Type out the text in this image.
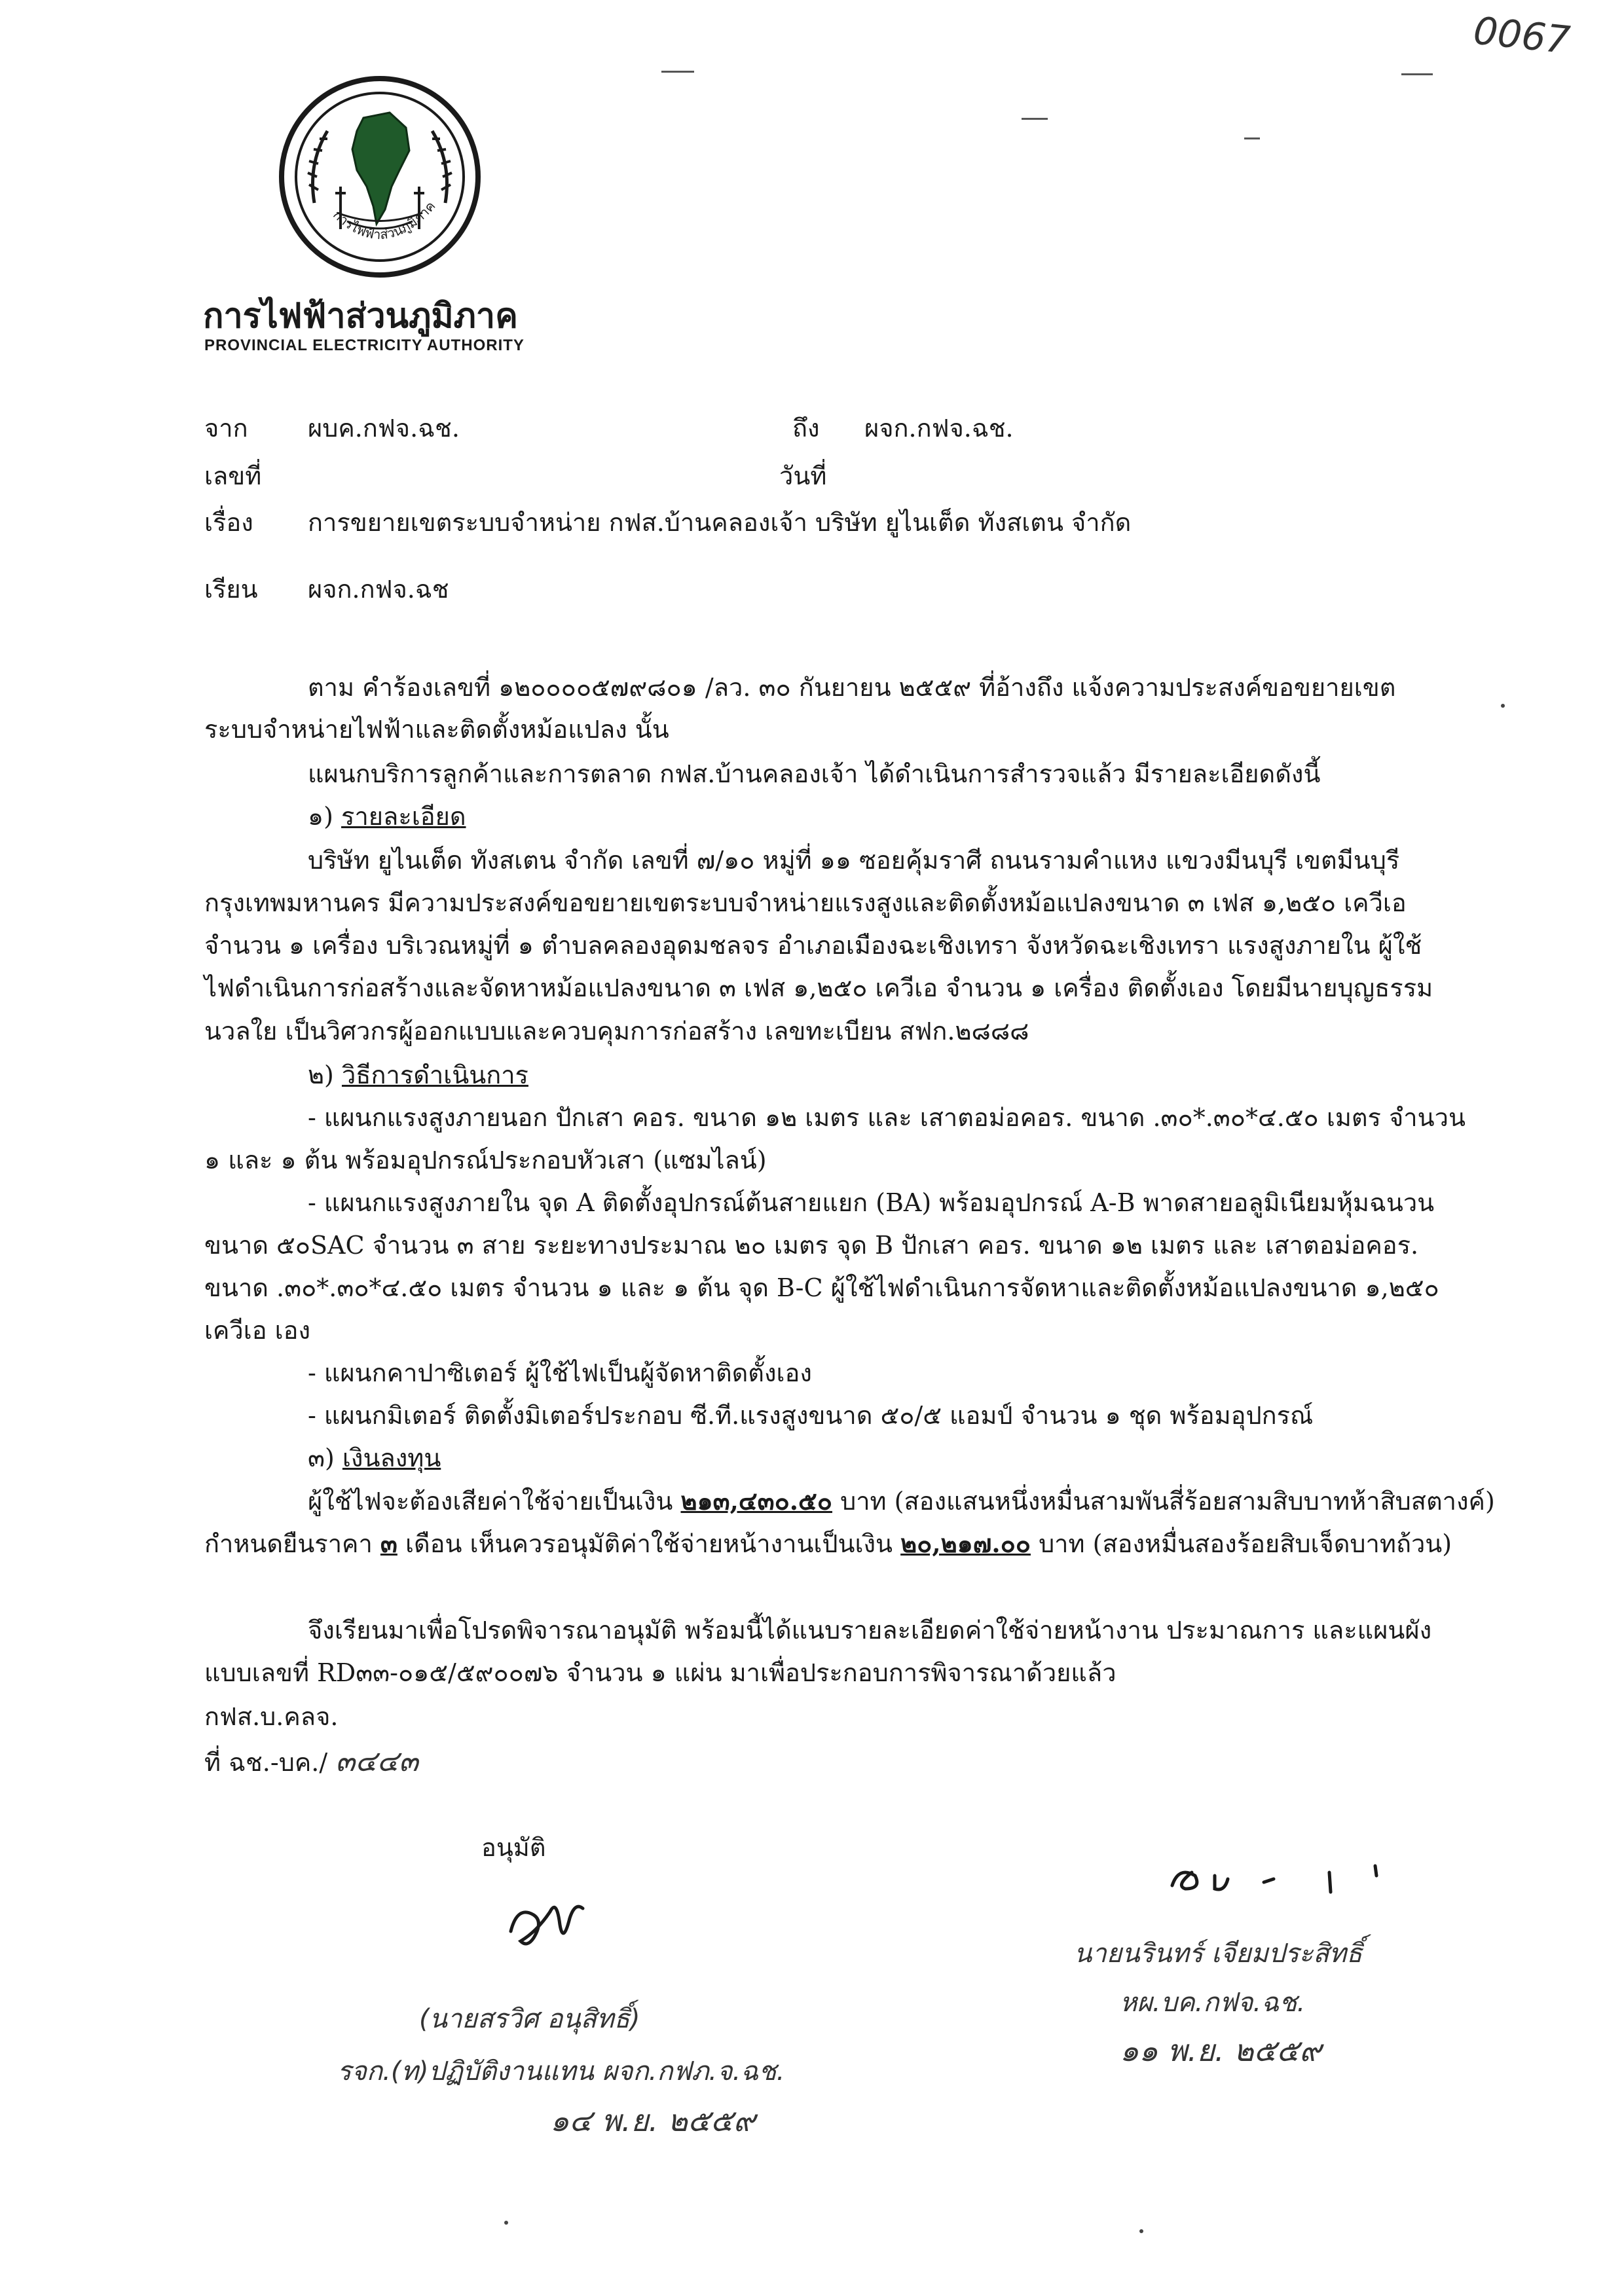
0067
การไฟฟ้าส่วนภูมิภาค
การไฟฟ้าส่วนภูมิภาค
PROVINCIAL ELECTRICITY AUTHORITY
จาก ผบค.กฟจ.ฉช.	ถึง ผจก.กฟจ.ฉช.
เลขที่	วันที่
เรื่อง การขยายเขตระบบจำหน่าย กฟส.บ้านคลองเจ้า บริษัท ยูไนเต็ด ทังสเตน จำกัด
เรียน ผจก.กฟจ.ฉช
ตาม คำร้องเลขที่ ๑๒๐๐๐๐๕๗๙๘๐๑ /ลว. ๓๐ กันยายน ๒๕๕๙ ที่อ้างถึง แจ้งความประสงค์ขอขยายเขต
ระบบจำหน่ายไฟฟ้าและติดตั้งหม้อแปลง นั้น
แผนกบริการลูกค้าและการตลาด กฟส.บ้านคลองเจ้า ได้ดำเนินการสำรวจแล้ว มีรายละเอียดดังนี้
๑) รายละเอียด
บริษัท ยูไนเต็ด ทังสเตน จำกัด เลขที่ ๗/๑๐ หมู่ที่ ๑๑ ซอยคุ้มราศี ถนนรามคำแหง แขวงมีนบุรี เขตมีนบุรี
กรุงเทพมหานคร มีความประสงค์ขอขยายเขตระบบจำหน่ายแรงสูงและติดตั้งหม้อแปลงขนาด ๓ เฟส ๑,๒๕๐ เควีเอ
จำนวน ๑ เครื่อง บริเวณหมู่ที่ ๑ ตำบลคลองอุดมชลจร อำเภอเมืองฉะเชิงเทรา จังหวัดฉะเชิงเทรา แรงสูงภายใน ผู้ใช้
ไฟดำเนินการก่อสร้างและจัดหาหม้อแปลงขนาด ๓ เฟส ๑,๒๕๐ เควีเอ จำนวน ๑ เครื่อง ติดตั้งเอง โดยมีนายบุญธรรม
นวลใย เป็นวิศวกรผู้ออกแบบและควบคุมการก่อสร้าง เลขทะเบียน สฟก.๒๘๘๘
๒) วิธีการดำเนินการ
- แผนกแรงสูงภายนอก ปักเสา คอร. ขนาด ๑๒ เมตร และ เสาตอม่อคอร. ขนาด .๓๐*.๓๐*๔.๕๐ เมตร จำนวน
๑ และ ๑ ต้น พร้อมอุปกรณ์ประกอบหัวเสา (แซมไลน์)
- แผนกแรงสูงภายใน จุด A ติดตั้งอุปกรณ์ต้นสายแยก (BA) พร้อมอุปกรณ์ A-B พาดสายอลูมิเนียมหุ้มฉนวน
ขนาด ๕๐SAC จำนวน ๓ สาย ระยะทางประมาณ ๒๐ เมตร จุด B ปักเสา คอร. ขนาด ๑๒ เมตร และ เสาตอม่อคอร.
ขนาด .๓๐*.๓๐*๔.๕๐ เมตร จำนวน ๑ และ ๑ ต้น จุด B-C ผู้ใช้ไฟดำเนินการจัดหาและติดตั้งหม้อแปลงขนาด ๑,๒๕๐
เควีเอ เอง
- แผนกคาปาซิเตอร์ ผู้ใช้ไฟเป็นผู้จัดหาติดตั้งเอง
- แผนกมิเตอร์ ติดตั้งมิเตอร์ประกอบ ซี.ที.แรงสูงขนาด ๕๐/๕ แอมป์ จำนวน ๑ ชุด พร้อมอุปกรณ์
๓) เงินลงทุน
ผู้ใช้ไฟจะต้องเสียค่าใช้จ่ายเป็นเงิน ๒๑๓,๔๓๐.๕๐ บาท (สองแสนหนึ่งหมื่นสามพันสี่ร้อยสามสิบบาทห้าสิบสตางค์)
กำหนดยืนราคา ๓ เดือน เห็นควรอนุมัติค่าใช้จ่ายหน้างานเป็นเงิน ๒๐,๒๑๗.๐๐ บาท (สองหมื่นสองร้อยสิบเจ็ดบาทถ้วน)
จึงเรียนมาเพื่อโปรดพิจารณาอนุมัติ พร้อมนี้ได้แนบรายละเอียดค่าใช้จ่ายหน้างาน ประมาณการ และแผนผัง
แบบเลขที่ RD๓๓-๐๑๕/๕๙๐๐๗๖ จำนวน ๑ แผ่น มาเพื่อประกอบการพิจารณาด้วยแล้ว
กฟส.บ.คลจ.
ที่ ฉช.-บค./ ๓๔๔๓
อนุมัติ
(นายสรวิศ อนุสิทธิ์)
รจก.(ท)ปฏิบัติงานแทน ผจก.กฟภ.จ.ฉช.
๑๔ พ.ย. ๒๕๕๙
นายนรินทร์ เจียมประสิทธิ์
หผ.บค.กฟจ.ฉช.
๑๑ พ.ย. ๒๕๕๙
